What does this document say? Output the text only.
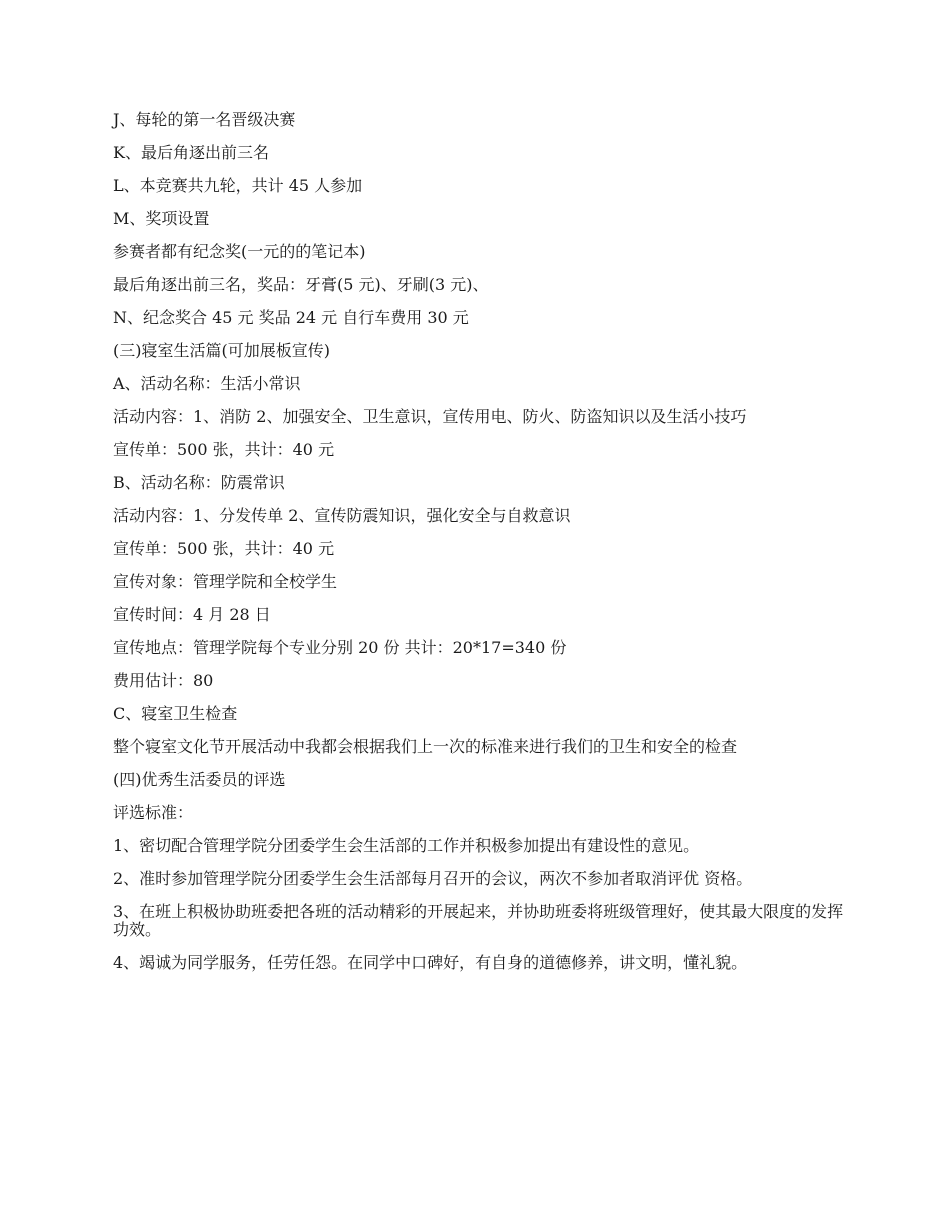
J、每轮的第一名晋级决赛

K、最后角逐出前三名

L、本竞赛共九轮，共计 45 人参加

M、奖项设置

参赛者都有纪念奖(一元的的笔记本)

最后角逐出前三名，奖品：牙膏(5 元)、牙刷(3 元)、

N、纪念奖合 45 元 奖品 24 元 自行车费用 30 元

(三)寝室生活篇(可加展板宣传)

A、活动名称：生活小常识

活动内容：1、消防 2、加强安全、卫生意识，宣传用电、防火、防盗知识以及生活小技巧

宣传单：500 张，共计：40 元

B、活动名称：防震常识

活动内容：1、分发传单 2、宣传防震知识，强化安全与自救意识

宣传单：500 张，共计：40 元

宣传对象：管理学院和全校学生

宣传时间：4 月 28 日

宣传地点：管理学院每个专业分别 20 份 共计：20*17=340 份

费用估计：80

C、寝室卫生检查

整个寝室文化节开展活动中我都会根据我们上一次的标准来进行我们的卫生和安全的检查

(四)优秀生活委员的评选

评选标准：

1、密切配合管理学院分团委学生会生活部的工作并积极参加提出有建设性的意见。

2、准时参加管理学院分团委学生会生活部每月召开的会议，两次不参加者取消评优 资格。

3、在班上积极协助班委把各班的活动精彩的开展起来，并协助班委将班级管理好，使其最大限度的发挥功效。

4、竭诚为同学服务，任劳任怨。在同学中口碑好，有自身的道德修养，讲文明，懂礼貌。
